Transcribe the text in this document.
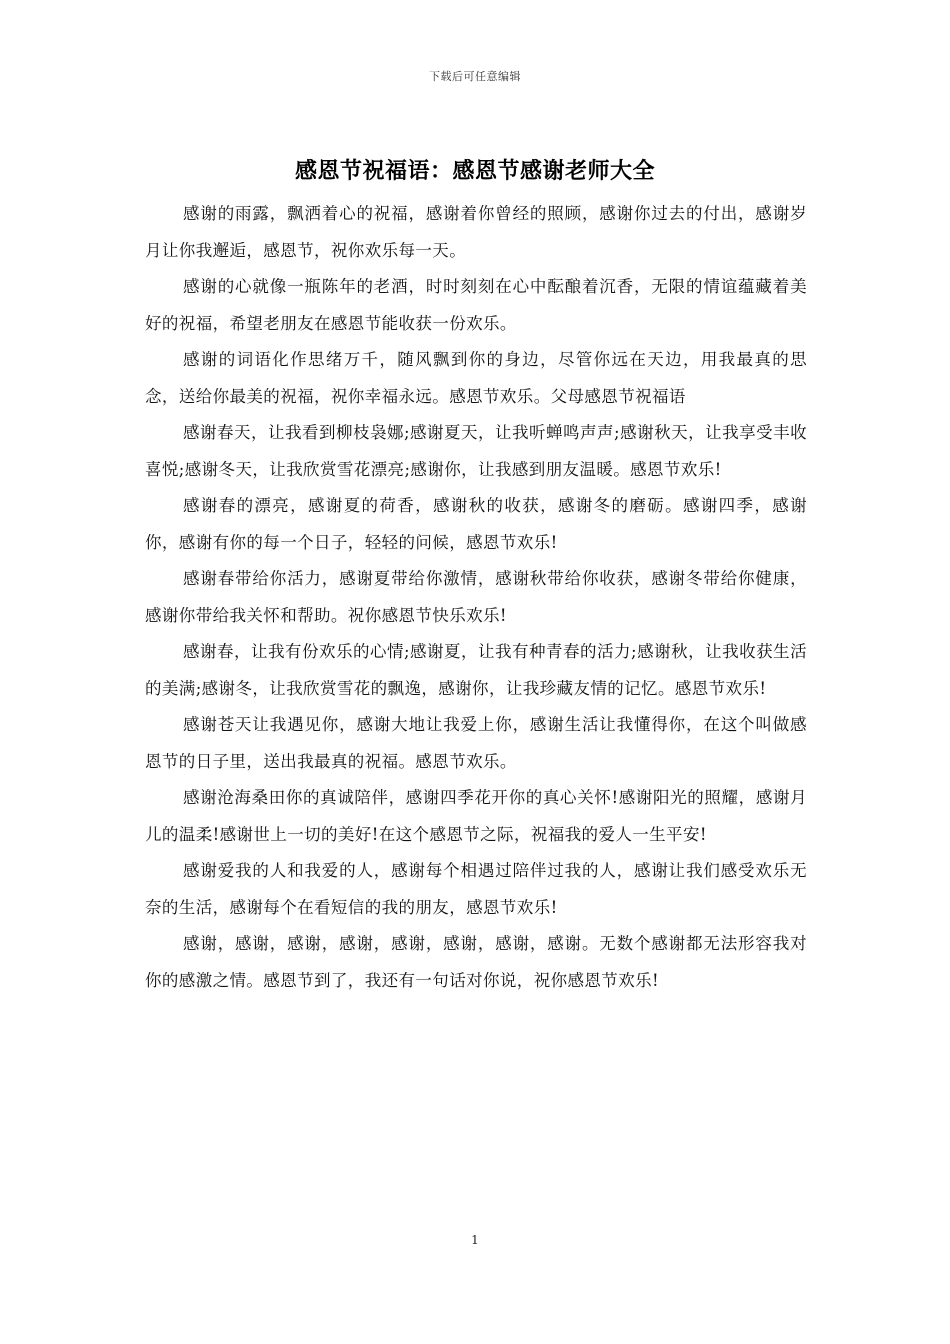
下载后可任意编辑
感恩节祝福语：感恩节感谢老师大全

感谢的雨露，飘洒着心的祝福，感谢着你曾经的照顾，感谢你过去的付出，感谢岁月让你我邂逅，感恩节，祝你欢乐每一天。

感谢的心就像一瓶陈年的老酒，时时刻刻在心中酝酿着沉香，无限的情谊蕴藏着美好的祝福，希望老朋友在感恩节能收获一份欢乐。

感谢的词语化作思绪万千，随风飘到你的身边，尽管你远在天边，用我最真的思念，送给你最美的祝福，祝你幸福永远。感恩节欢乐。父母感恩节祝福语

感谢春天，让我看到柳枝袅娜;感谢夏天，让我听蝉鸣声声;感谢秋天，让我享受丰收喜悦;感谢冬天，让我欣赏雪花漂亮;感谢你，让我感到朋友温暖。感恩节欢乐!

感谢春的漂亮，感谢夏的荷香，感谢秋的收获，感谢冬的磨砺。感谢四季，感谢你，感谢有你的每一个日子，轻轻的问候，感恩节欢乐!

感谢春带给你活力，感谢夏带给你激情，感谢秋带给你收获，感谢冬带给你健康，感谢你带给我关怀和帮助。祝你感恩节快乐欢乐!

感谢春，让我有份欢乐的心情;感谢夏，让我有种青春的活力;感谢秋，让我收获生活的美满;感谢冬，让我欣赏雪花的飘逸，感谢你，让我珍藏友情的记忆。感恩节欢乐!

感谢苍天让我遇见你，感谢大地让我爱上你，感谢生活让我懂得你，在这个叫做感恩节的日子里，送出我最真的祝福。感恩节欢乐。

感谢沧海桑田你的真诚陪伴，感谢四季花开你的真心关怀!感谢阳光的照耀，感谢月儿的温柔!感谢世上一切的美好!在这个感恩节之际，祝福我的爱人一生平安!

感谢爱我的人和我爱的人，感谢每个相遇过陪伴过我的人，感谢让我们感受欢乐无奈的生活，感谢每个在看短信的我的朋友，感恩节欢乐!

感谢，感谢，感谢，感谢，感谢，感谢，感谢，感谢。无数个感谢都无法形容我对你的感激之情。感恩节到了，我还有一句话对你说，祝你感恩节欢乐!

1
